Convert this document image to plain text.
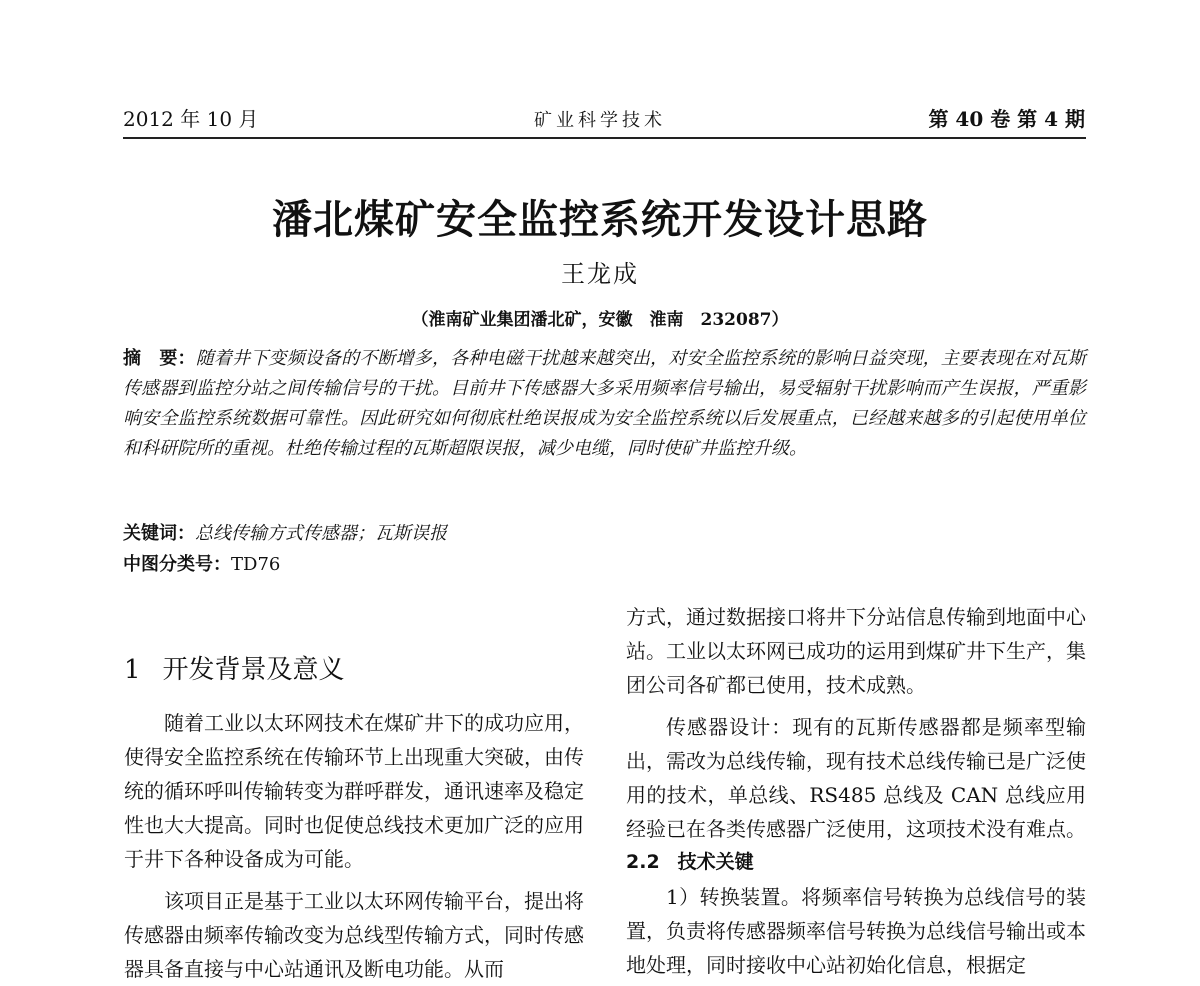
2012 年 10 月	矿业科学技术	第 40 卷 第 4 期
潘北煤矿安全监控系统开发设计思路
王龙成
（淮南矿业集团潘北矿，安徽　淮南　232087）
摘　要：随着井下变频设备的不断增多，各种电磁干扰越来越突出，对安全监控系统的影响日益突现，主要表现在对瓦斯传感器到监控分站之间传输信号的干扰。目前井下传感器大多采用频率信号输出，易受辐射干扰影响而产生误报，严重影响安全监控系统数据可靠性。因此研究如何彻底杜绝误报成为安全监控系统以后发展重点，已经越来越多的引起使用单位和科研院所的重视。杜绝传输过程的瓦斯超限误报，减少电缆，同时使矿井监控升级。
关键词：总线传输方式传感器；瓦斯误报
中图分类号：TD76
1 开发背景及意义

随着工业以太环网技术在煤矿井下的成功应用，使得安全监控系统在传输环节上出现重大突破，由传统的循环呼叫传输转变为群呼群发，通讯速率及稳定性也大大提高。同时也促使总线技术更加广泛的应用于井下各种设备成为可能。

该项目正是基于工业以太环网传输平台，提出将传感器由频率传输改变为总线型传输方式，同时传感器具备直接与中心站通讯及断电功能。从而

方式，通过数据接口将井下分站信息传输到地面中心站。工业以太环网已成功的运用到煤矿井下生产，集团公司各矿都已使用，技术成熟。

传感器设计：现有的瓦斯传感器都是频率型输出，需改为总线传输，现有技术总线传输已是广泛使用的技术，单总线、RS485 总线及 CAN 总线应用经验已在各类传感器广泛使用，这项技术没有难点。

2.2 技术关键

1）转换装置。将频率信号转换为总线信号的装置，负责将传感器频率信号转换为总线信号输出或本地处理，同时接收中心站初始化信息，根据定
